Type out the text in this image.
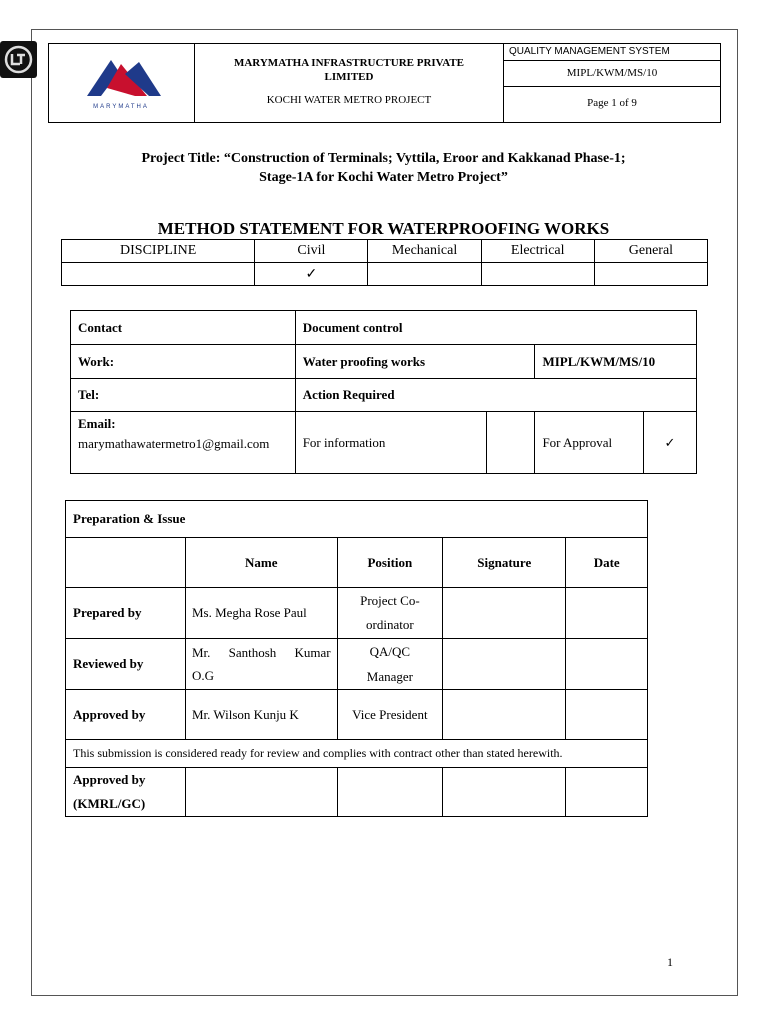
MARYMATHA
MARYMATHA INFRASTRUCTURE PRIVATE LIMITED
KOCHI WATER METRO PROJECT
QUALITY MANAGEMENT SYSTEM
MIPL/KWM/MS/10
Page 1 of 9
Project Title: “Construction of Terminals; Vyttila, Eroor and Kakkanad Phase-1;
Stage-1A for Kochi Water Metro Project”
METHOD STATEMENT FOR WATERPROOFING WORKS
DISCIPLINE	Civil	Mechanical	Electrical	General
	✓			
Contact	Document control			
Work:	Water proofing works		MIPL/KWM/MS/10	
Tel:	Action Required			

Email:
marymathawatermetro1@gmail.com	For information		For Approval	✓
Preparation & Issue				
	Name	Position	Signature	Date
Prepared by	Ms. Megha Rose Paul	Project Co-ordinator		
Reviewed by	Mr. Santhosh Kumar O.G	QA/QC Manager		
Approved by	Mr. Wilson Kunju K	Vice President		
This submission is considered ready for review and complies with contract other than stated herewith.				
Approved by (KMRL/GC)				
1
